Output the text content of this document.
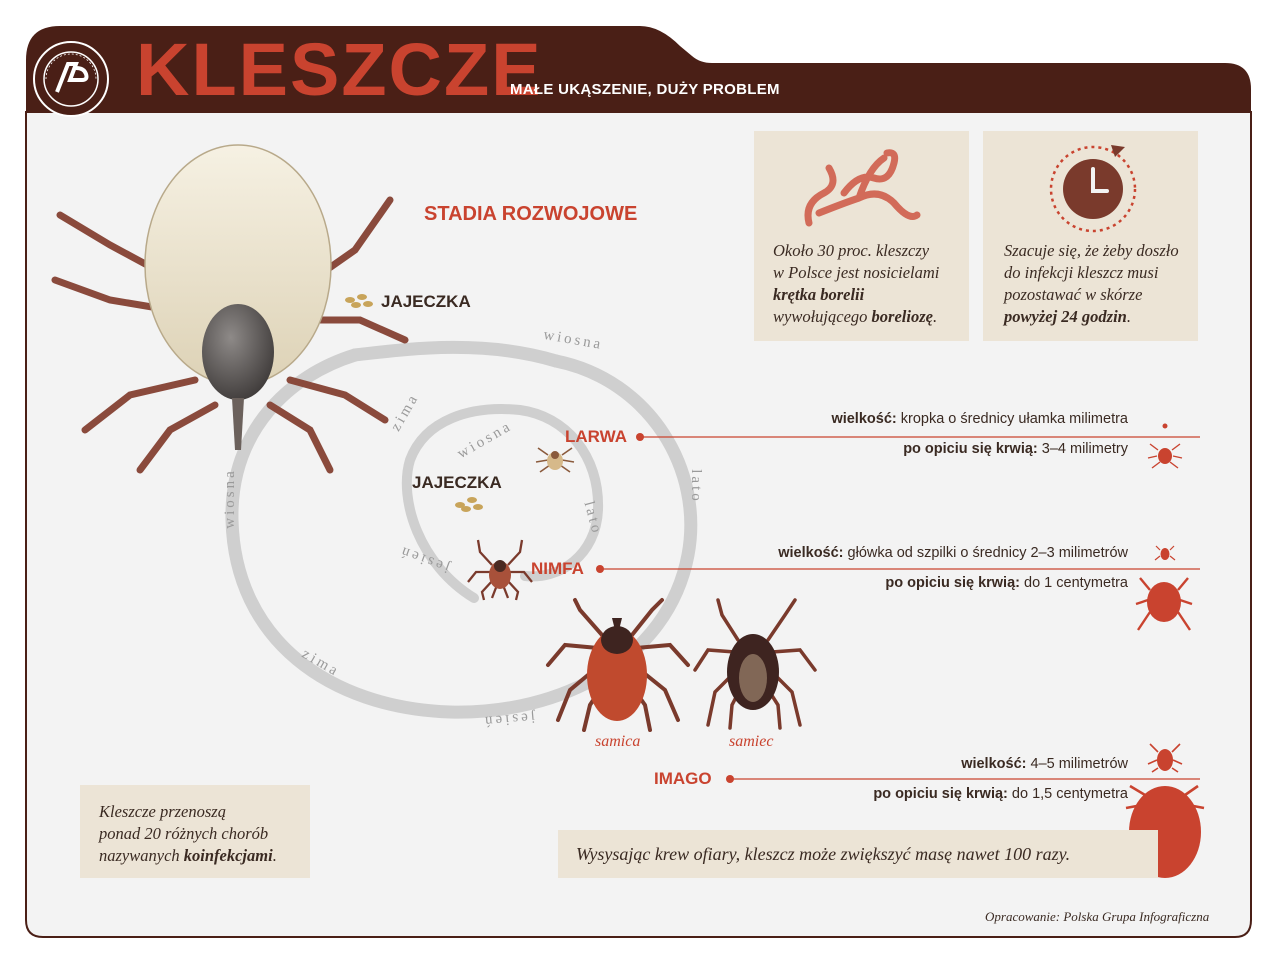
KLESZCZE
MAŁE UKĄSZENIE, DUŻY PROBLEM
STADIA ROZWOJOWE
JAJECZKA
JAJECZKA
LARWA
NIMFA
IMAGO
samica	samiec
wiosna
wiosna
wiosna
zima
zima
lato
lato
jesień
jesień
wielkość: kropka o średnicy ułamka milimetra
po opiciu się krwią: 3–4 milimetry
wielkość: główka od szpilki o średnicy 2–3 milimetrów
po opiciu się krwią: do 1 centymetra
wielkość: 4–5 milimetrów
po opiciu się krwią: do 1,5 centymetra
Około 30 proc. kleszczy
w Polsce jest nosicielami
krętka borelii
wywołującego boreliozę.
Szacuje się, że żeby doszło
do infekcji kleszcz musi
pozostawać w skórze
powyżej 24 godzin.
Kleszcze przenoszą
ponad 20 różnych chorób
nazywanych koinfekcjami.	Wysysając krew ofiary, kleszcz może zwiększyć masę nawet 100 razy.
Opracowanie: Polska Grupa Infograficzna
